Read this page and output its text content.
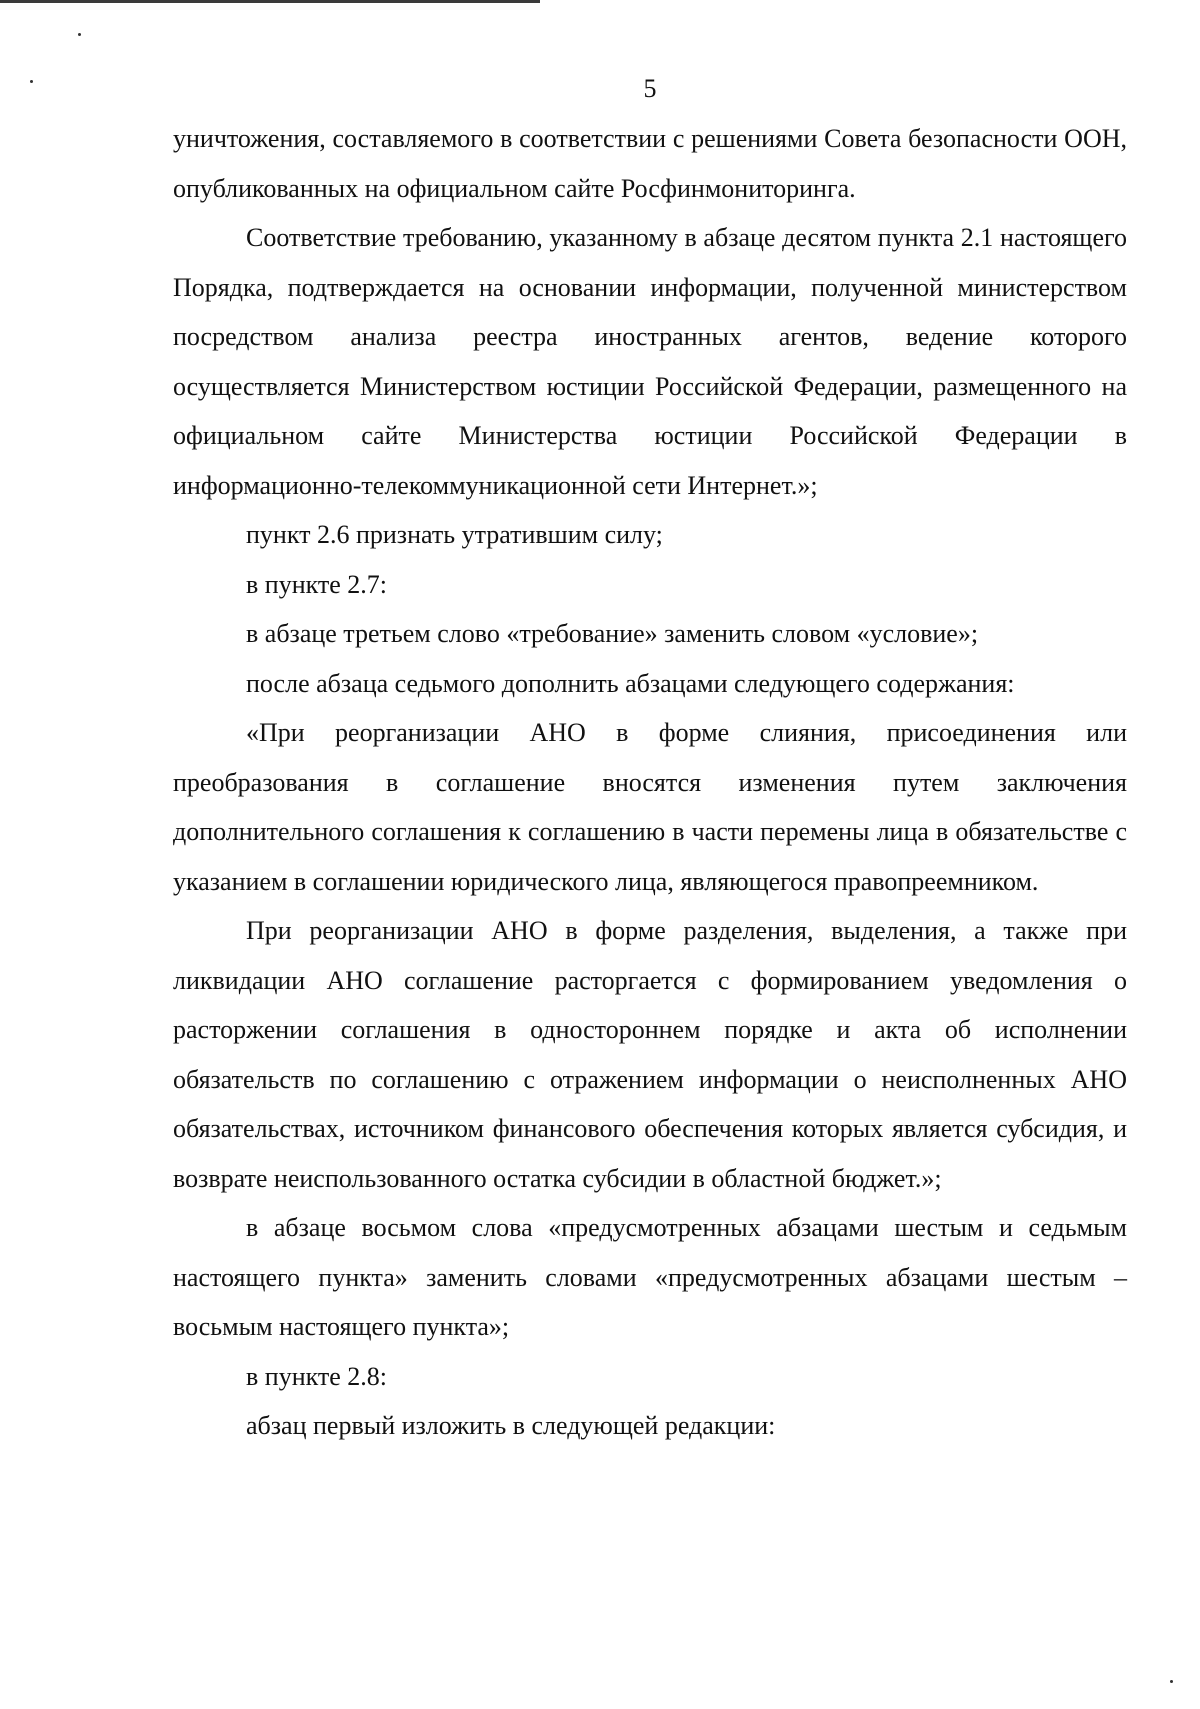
5

уничтожения, составляемого в соответствии с решениями Совета безопасности ООН, опубликованных на официальном сайте Росфинмониторинга.

Соответствие требованию, указанному в абзаце десятом пункта 2.1 настоящего Порядка, подтверждается на основании информации, полученной министерством посредством анализа реестра иностранных агентов, ведение которого осуществляется Министерством юстиции Российской Федерации, размещенного на официальном сайте Министерства юстиции Российской Федерации в информационно-телекоммуникационной сети Интернет.»;

пункт 2.6 признать утратившим силу;

в пункте 2.7:

в абзаце третьем слово «требование» заменить словом «условие»;

после абзаца седьмого дополнить абзацами следующего содержания:

«При реорганизации АНО в форме слияния, присоединения или преобразования в соглашение вносятся изменения путем заключения дополнительного соглашения к соглашению в части перемены лица в обязательстве с указанием в соглашении юридического лица, являющегося правопреемником.

При реорганизации АНО в форме разделения, выделения, а также при ликвидации АНО соглашение расторгается с формированием уведомления о расторжении соглашения в одностороннем порядке и акта об исполнении обязательств по соглашению с отражением информации о неисполненных АНО обязательствах, источником финансового обеспечения которых является субсидия, и возврате неиспользованного остатка субсидии в областной бюджет.»;

в абзаце восьмом слова «предусмотренных абзацами шестым и седьмым настоящего пункта» заменить словами «предусмотренных абзацами шестым – восьмым настоящего пункта»;

в пункте 2.8:

абзац первый изложить в следующей редакции:
